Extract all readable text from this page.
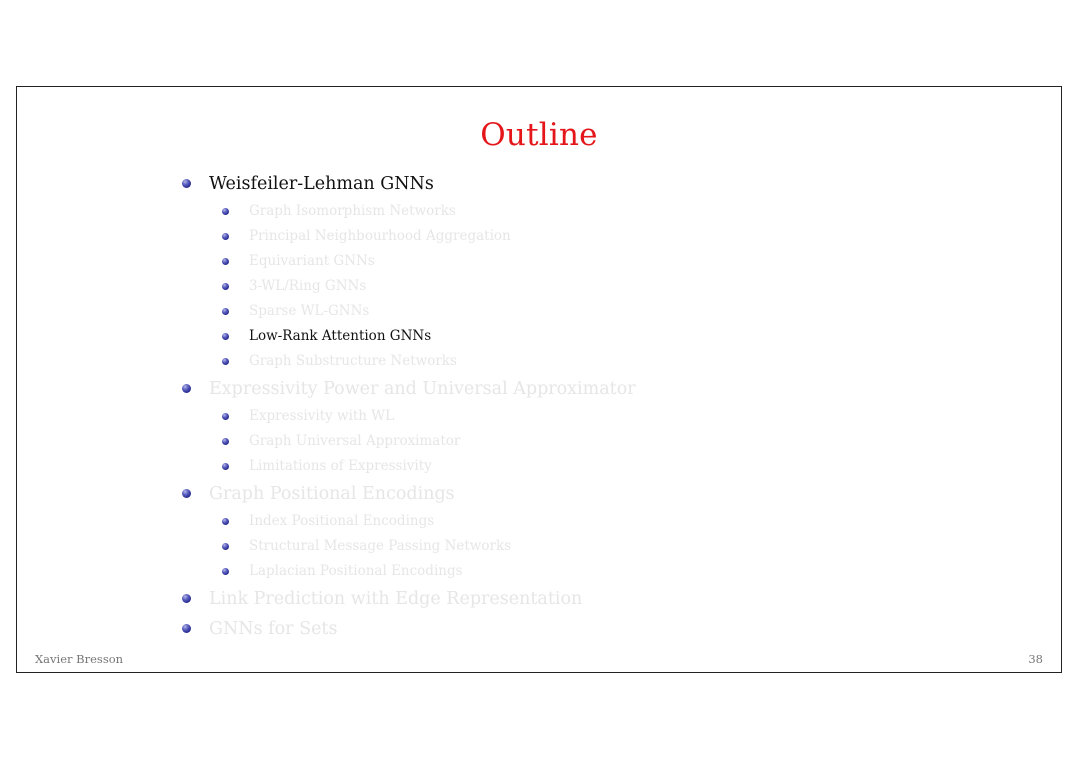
Outline
Weisfeiler-Lehman GNNs
Graph Isomorphism Networks
Principal Neighbourhood Aggregation
Equivariant GNNs
3-WL/Ring GNNs
Sparse WL-GNNs
Low-Rank Attention GNNs
Graph Substructure Networks
Expressivity Power and Universal Approximator
Expressivity with WL
Graph Universal Approximator
Limitations of Expressivity
Graph Positional Encodings
Index Positional Encodings
Structural Message Passing Networks
Laplacian Positional Encodings
Link Prediction with Edge Representation
GNNs for Sets
Xavier Bresson	38
